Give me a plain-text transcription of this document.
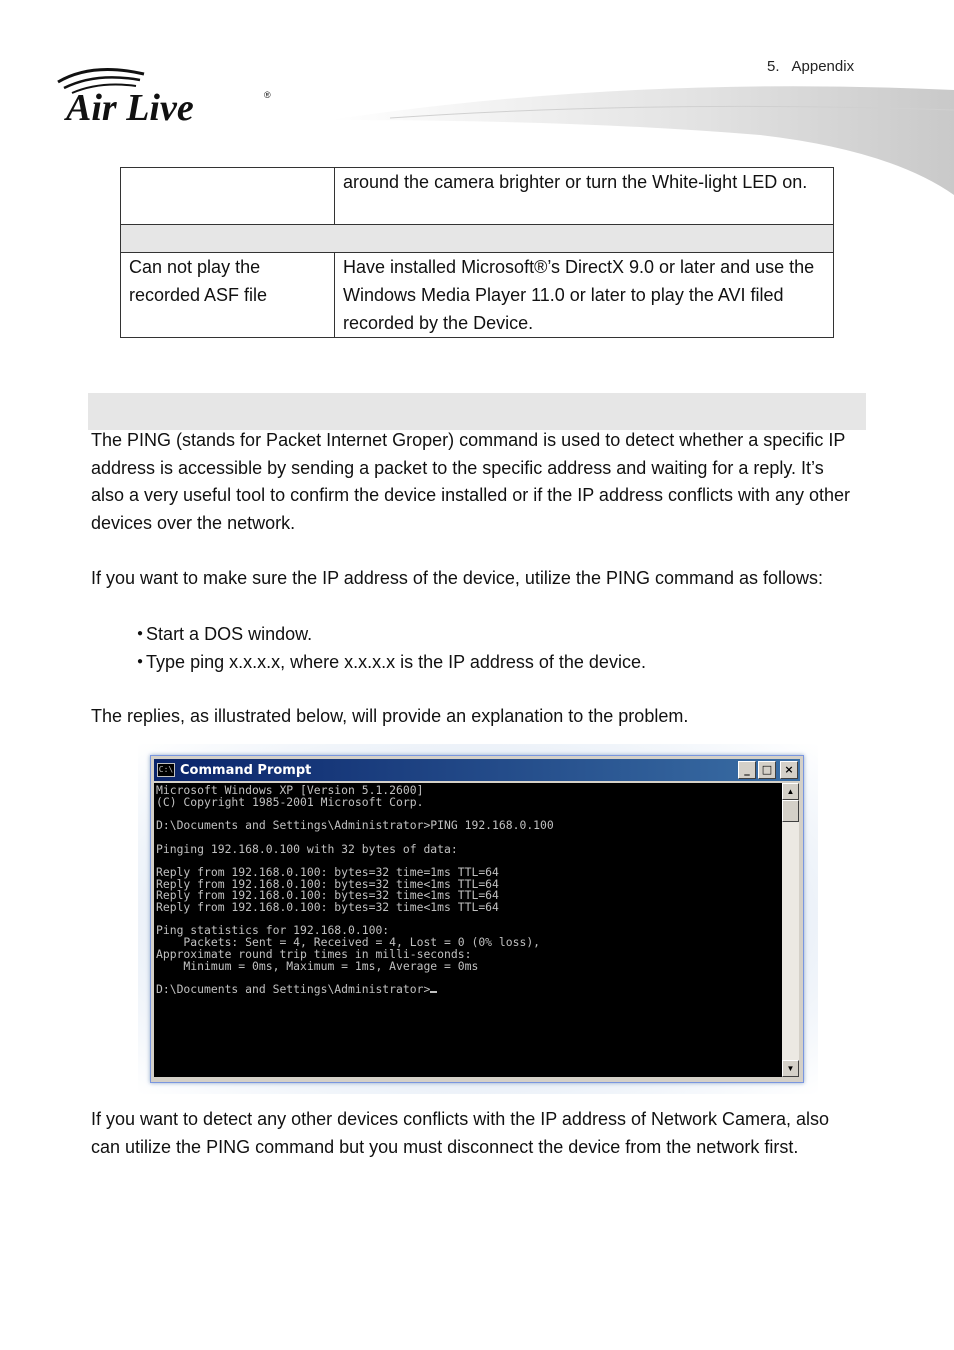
Air Live	®
5. Appendix
	around the camera brighter or turn the White-light LED on.

Can not play the recorded ASF file	Have installed Microsoft®’s DirectX 9.0 or later and use the Windows Media Player 11.0 or later to play the AVI filed recorded by the Device.

The PING (stands for Packet Internet Groper) command is used to detect whether a specific IP address is accessible by sending a packet to the specific address and waiting for a reply. It’s also a very useful tool to confirm the device installed or if the IP address conflicts with any other devices over the network.

If you want to make sure the IP address of the device, utilize the PING command as follows:

● Start a DOS window.
● Type ping x.x.x.x, where x.x.x.x is the IP address of the device.

The replies, as illustrated below, will provide an explanation to the problem.

C:\ Command Prompt	_	□	×
Microsoft Windows XP [Version 5.1.2600]
(C) Copyright 1985-2001 Microsoft Corp.

D:\Documents and Settings\Administrator>PING 192.168.0.100

Pinging 192.168.0.100 with 32 bytes of data:

Reply from 192.168.0.100: bytes=32 time=1ms TTL=64
Reply from 192.168.0.100: bytes=32 time<1ms TTL=64
Reply from 192.168.0.100: bytes=32 time<1ms TTL=64
Reply from 192.168.0.100: bytes=32 time<1ms TTL=64

Ping statistics for 192.168.0.100:
Packets: Sent = 4, Received = 4, Lost = 0 (0% loss),
Approximate round trip times in milli-seconds:
Minimum = 0ms, Maximum = 1ms, Average = 0ms

D:\Documents and Settings\Administrator>
▲
▼

If you want to detect any other devices conflicts with the IP address of Network Camera, also can utilize the PING command but you must disconnect the device from the network first.
